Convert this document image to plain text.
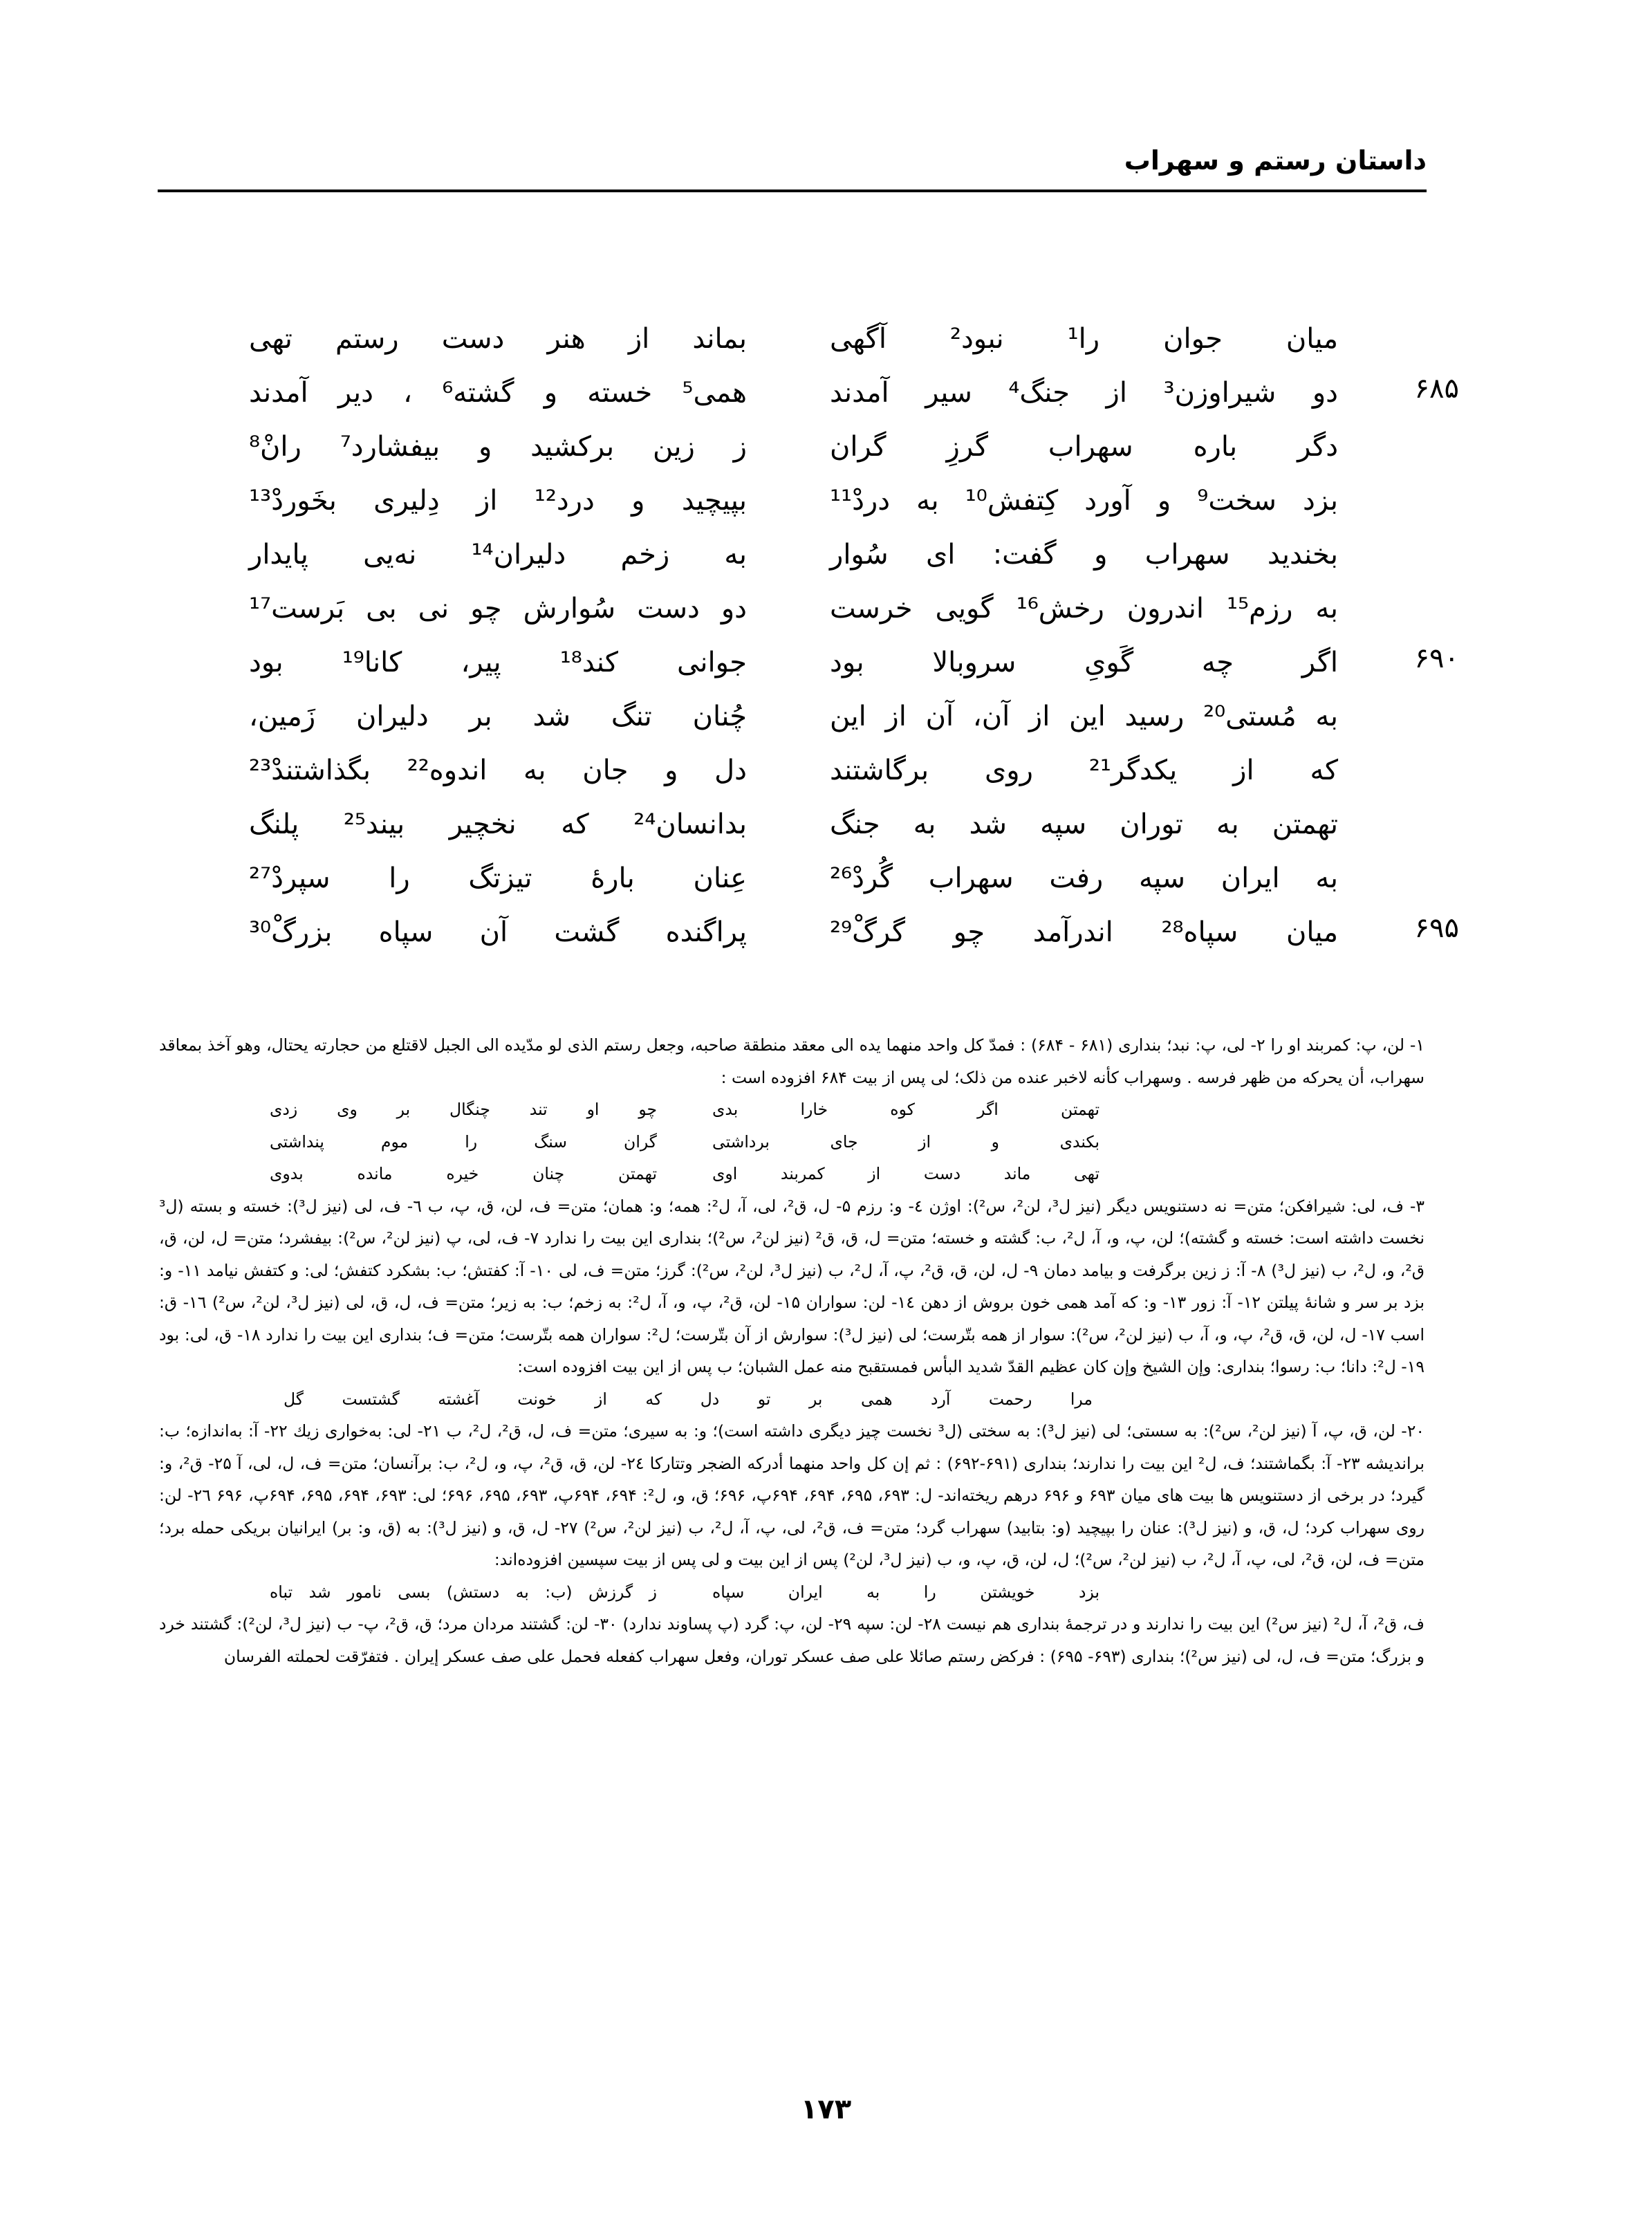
داستان رستم و سهراب
میان جوان را¹ نبود² آگهی
بماند از هنر دست رستم تهی
۶۸۵
دو شیراوزن³ از جنگ⁴ سیر آمدند
همی⁵ خسته و گشته⁶ ، دیر آمدند
دگر باره سهراب گرزِ گران
ز زین برکشید و بیفشارد⁷ رانْ⁸
بزد سخت⁹ و آورد کِتفش¹⁰ به دردْ¹¹
بپیچید و درد¹² از دِلیری بخَوردْ¹³
بخندید سهراب و گفت: ای سُوار
به زخم دلیران¹⁴ نه‌یی پایدار
به رزم¹⁵ اندرون رخش¹⁶ گویی خرست
دو دست سُوارش چو نی بی بَرست¹⁷
۶۹۰
اگر چه گَویِ سروبالا بود
جوانی کند¹⁸ پیر، کانا¹⁹ بود
به مُستی²⁰ رسید این از آن، آن از این
چُنان تنگ شد بر دلیران زَمین،
که از یکدگر²¹ روی برگاشتند
دل و جان به اندوه²² بگذاشتندْ²³
تهمتن به توران سپه شد به جنگ
بدانسان²⁴ که نخچیر بیند²⁵ پلنگ
به ایران سپه رفت سهراب گُردْ²⁶
عِنان بارهٔ تیزتگ را سپردْ²⁷
۶۹۵
میان سپاه²⁸ اندرآمد چو گرگْ²⁹
پراگنده گشت آن سپاه بزرگْ³⁰

۱- لن، پ: کمربند او را ۲- لی، پ: نبد؛ بنداری (۶۸۱ - ۶۸۴) : فمدّ کل واحد منهما یده الی معقد منطقة صاحبه، وجعل رستم الذی لو مدّیده الی الجبل لاقتلع من حجارته یحتال، وهو آخذ بمعاقد سهراب، أن یحرکه من ظهر فرسه . وسهراب کأنه لاخبر عنده من ذلک؛ لی پس از بیت ۶۸۴ افزوده است :

تهمتن اگر کوه خارا بدی
چو او تند چنگال بر وی زدی
بکندی و از جای برداشتی
گران سنگ را موم پنداشتی
تهی ماند دست از کمربند اوی
تهمتن چنان خیره مانده بدوی

۳- ف، لی: شیرافکن؛ متن= نه دستنویس دیگر (نیز ل³، لن²، س²): اوژن ٤- و: رزم ۵- ل، ق²، لی، آ، ل²: همه؛ و: همان؛ متن= ف، لن، ق، پ، ب ٦- ف، لی (نیز ل³): خسته و بسته (ل³ نخست داشته است: خسته و گشته)؛ لن، پ، و، آ، ل²، ب: گشته و خسته؛ متن= ل، ق، ق² (نیز لن²، س²)؛ بنداری این بیت را ندارد ۷- ف، لی، پ (نیز لن²، س²): بیفشرد؛ متن= ل، لن، ق، ق²، و، ل²، ب (نیز ل³) ۸- آ: ز زین برگرفت و بیامد دمان ۹- ل، لن، ق، ق²، پ، آ، ل²، ب (نیز ل³، لن²، س²): گرز؛ متن= ف، لی ۱۰- آ: کفتش؛ ب: بشکرد کتفش؛ لی: و کتفش نیامد ۱۱- و: بزد بر سر و شانهٔ پیلتن ۱۲- آ: زور ۱۳- و: که آمد همی خون بروش از دهن ١٤- لن: سواران ۱۵- لن، ق²، پ، و، آ، ل²: به زخم؛ ب: به زیر؛ متن= ف، ل، ق، لی (نیز ل³، لن²، س²) ۱٦- ق: اسب ۱۷- ل، لن، ق، ق²، پ، و، آ، ب (نیز لن²، س²): سوار از همه بتّرست؛ لی (نیز ل³): سوارش از آن بتّرست؛ ل²: سواران همه بتّرست؛ متن= ف؛ بنداری این بیت را ندارد ۱۸- ق، لی: بود ۱۹- ل²: دانا؛ ب: رسوا؛ بنداری: وإن الشیخ وإن کان عظیم القدّ شدید البأس فمستقبح منه عمل الشبان؛ ب پس از این بیت افزوده است:

مرا رحمت آرد همی بر تو دل که از خونت آغشته گشتست گل

۲۰- لن، ق، پ، آ (نیز لن²، س²): به سستی؛ لی (نیز ل³): به سختی (ل³ نخست چیز دیگری داشته است)؛ و: به سیری؛ متن= ف، ل، ق²، ل²، ب ۲۱- لی: به‌خواری زیك ۲۲- آ: به‌اندازه؛ ب: برانديشه ۲۳- آ: بگماشتند؛ ف، ل² این بیت را ندارند؛ بنداری (۶۹۱-۶۹۲) : ثم إن کل واحد منهما أدرکه الضجر وتتارکا ۲٤- لن، ق، ق²، پ، و، ل²، ب: برآنسان؛ متن= ف، ل، لی، آ ۲۵- ق²، و: گیرد؛ در برخی از دستنویس ها بیت های میان ۶۹۳ و ۶۹۶ درهم ریخته‌اند- ل: ۶۹۳، ۶۹۵، ۶۹۴، ۶۹۴پ، ۶۹۶؛ ق، و، ل²: ۶۹۴، ۶۹۴پ، ۶۹۳، ۶۹۵، ۶۹۶؛ لی: ۶۹۳، ۶۹۴، ۶۹۵، ۶۹۴پ، ۶۹۶ ۲٦- لن: روی سهراب کرد؛ ل، ق، و (نیز ل³): عنان را بپیچید (و: بتابید) سهراب گرد؛ متن= ف، ق²، لی، پ، آ، ل²، ب (نیز لن²، س²) ۲۷- ل، ق، و (نیز ل³): به (ق، و: بر) ایرانیان بریکی حمله برد؛ متن= ف، لن، ق²، لی، پ، آ، ل²، ب (نیز لن²، س²)؛ ل، لن، ق، پ، و، ب (نیز ل³، لن²) پس از این بیت و لی پس از بیت سپسین افزوده‌اند:

بزد خویشتن را به ایران سپاه
ز گرزش (ب: به دستش) بسی نامور شد تباه

ف، ق²، آ، ل² (نیز س²) این بیت را ندارند و در ترجمهٔ بنداری هم نیست ۲۸- لن: سپه ۲۹- لن، پ: گرد (پ پساوند ندارد) ۳۰- لن: گشتند مردان مرد؛ ق، ق²، پ- ب (نیز ل³، لن²): گشتند خرد و بزرگ؛ متن= ف، ل، لی (نیز س²)؛ بنداری (۶۹۳- ۶۹۵) : فرکض رستم صائلا علی صف عسکر توران، وفعل سهراب کفعله فحمل علی صف عسکر إیران . فتفرّقت لحملته الفرسان

۱۷۳
